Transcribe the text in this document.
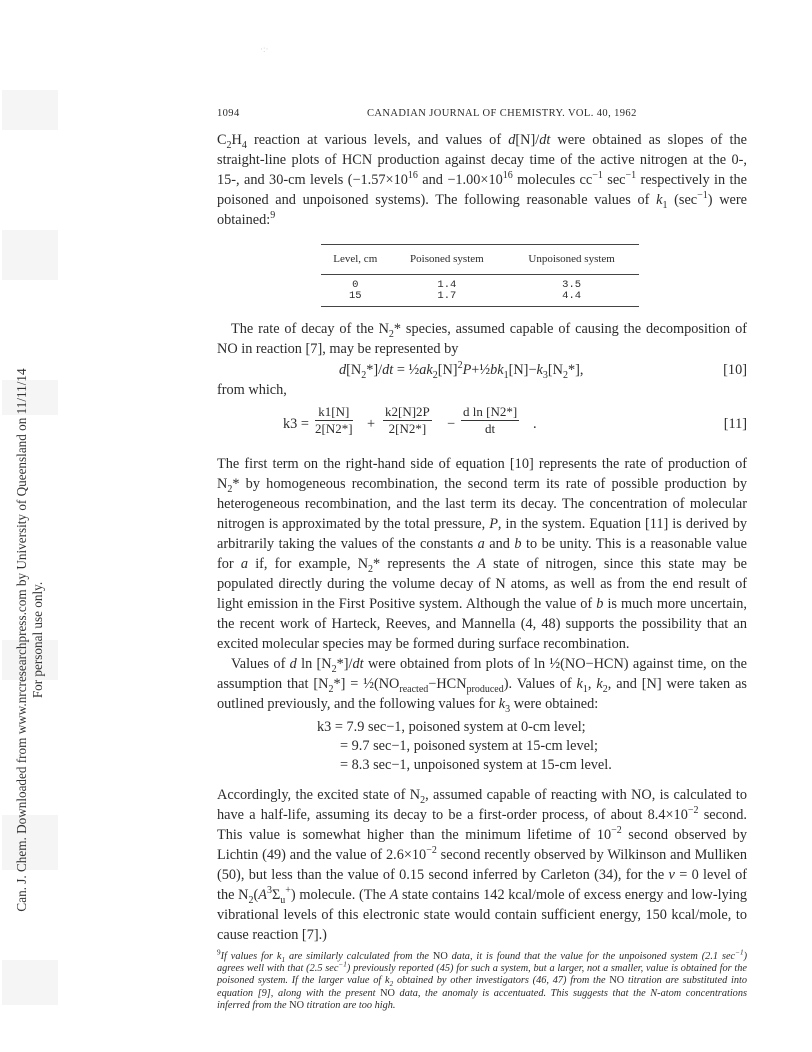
Can. J. Chem. Downloaded from www.nrcresearchpress.com by University of Queensland on 11/11/14 For personal use only.
·:·
1094	CANADIAN JOURNAL OF CHEMISTRY. VOL. 40, 1962

$C_2H_4$ reaction at various levels, and values of d[N]/dt were obtained as slopes of the straight-line plots of HCN production against decay time of the active nitrogen at the 0-, 15-, and 30-cm levels ($-1.57\times 10^{16}$ and $-1.00\times 10^{16}$ molecules $cc^{-1}$ $\sec^{-1}$ respectively in the poisoned and unpoisoned systems). The following reasonable values of $k_1$ $(\sec^{-1})$ were obtained:$^9$

Level, cm	Poisoned system	Unpoisoned system
0	1.4	3.5
15	1.7	4.4

The rate of decay of the $N_2*$ species, assumed capable of causing the decomposition of NO in reaction [7], may be represented by

$d[N_2*]/dt$ = $\frac{1}{2}ak_2[N]^2P+\frac{1}{2}bk_1[N]-k_3[N_2*]$,	[10]
from which,
$k3 = \frac{k1[N]}{2[N2*]} + \frac{k2[N]2P}{2[N2*]} - \frac{\text{d ln [N2*]}}{dt}$ .	[11]

The first term on the right-hand side of equation [10] represents the rate of production of $N_2*$ by homogeneous recombination, the second term its rate of possible production by heterogeneous recombination, and the last term its decay. The concentration of molecular nitrogen is approximated by the total pressure, P, in the system. Equation [11] is derived by arbitrarily taking the values of the constants a and b to be unity. This is a reasonable value for a if, for example, $N_2*$ represents the A state of nitrogen, since this state may be populated directly during the volume decay of N atoms, as well as from the end result of light emission in the First Positive system. Although the value of b is much more uncertain, the recent work of Harteck, Reeves, and Mannella (4, 48) supports the possibility that an excited molecular species may be formed during surface recombination.

Values of d $\ln [N_2*]/dt$ were obtained from plots of ln ½(NO−HCN) against time, on the assumption that $[N_2*]$ = $\frac{1}{2}(NO_{reacted}-HCN_{produced})$. Values of $k_1$, $k_2$, and [N] were taken as outlined previously, and the following values for $k_3$ were obtained:

k3 = 7.9 sec−1, poisoned system at 0-cm level;
= 9.7 sec−1, poisoned system at 15-cm level;
= 8.3 sec−1, unpoisoned system at 15-cm level.

Accordingly, the excited state of $N_2$, assumed capable of reacting with NO, is calculated to have a half-life, assuming its decay to be a first-order process, of about $8.4\times 10^{-2}$ second. This value is somewhat higher than the minimum lifetime of $10^{-2}$ second observed by Lichtin (49) and the value of $2.6\times 10^{-2}$ second recently observed by Wilkinson and Mulliken (50), but less than the value of 0.15 second inferred by Carleton (34), for the v = 0 level of the $N_2(A^3\Sigma_u^+)$ molecule. (The A state contains 142 kcal/mole of excess energy and low-lying vibrational levels of this electronic state would contain sufficient energy, 150 kcal/mole, to cause reaction [7].)

$^9$If values for $k_1$ are similarly calculated from the NO data, it is found that the value for the unpoisoned system (2.1 $\sec^{-1}$) agrees well with that (2.5 $\sec^{-1}$) previously reported (45) for such a system, but a larger, not a smaller, value is obtained for the poisoned system. If the larger value of $k_2$ obtained by other investigators (46, 47) from the NO titration are substituted into equation [9], along with the present NO data, the anomaly is accentuated. This suggests that the N-atom concentrations inferred from the NO titration are too high.
